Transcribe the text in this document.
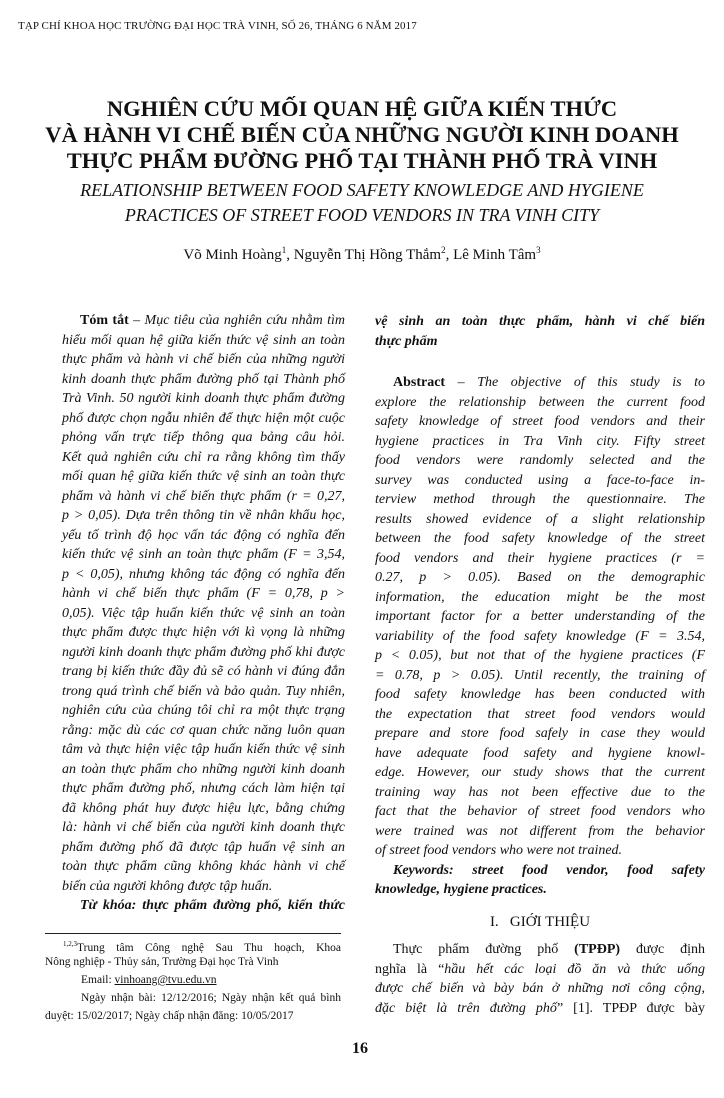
TẠP CHÍ KHOA HỌC TRƯỜNG ĐẠI HỌC TRÀ VINH, SỐ 26, THÁNG 6 NĂM 2017
NGHIÊN CỨU MỐI QUAN HỆ GIỮA KIẾN THỨC
VÀ HÀNH VI CHẾ BIẾN CỦA NHỮNG NGƯỜI KINH DOANH
THỰC PHẨM ĐƯỜNG PHỐ TẠI THÀNH PHỐ TRÀ VINH
RELATIONSHIP BETWEEN FOOD SAFETY KNOWLEDGE AND HYGIENE
PRACTICES OF STREET FOOD VENDORS IN TRA VINH CITY
Võ Minh Hoàng$^1$, Nguyễn Thị Hồng Thắm$^2$, Lê Minh Tâm$^3$
Tóm tắt – Mục tiêu của nghiên cứu nhằm tìm
hiểu mối quan hệ giữa kiến thức vệ sinh an toàn
thực phẩm và hành vi chế biến của những người
kinh doanh thực phẩm đường phố tại Thành phố
Trà Vinh. 50 người kinh doanh thực phẩm đường
phố được chọn ngẫu nhiên để thực hiện một cuộc
phỏng vấn trực tiếp thông qua bảng câu hỏi.
Kết quả nghiên cứu chỉ ra rằng không tìm thấy
mối quan hệ giữa kiến thức vệ sinh an toàn thực
phẩm và hành vi chế biến thực phẩm (r = 0,27,
p > 0,05). Dựa trên thông tin về nhân khẩu học,
yếu tố trình độ học vấn tác động có nghĩa đến
kiến thức vệ sinh an toàn thực phẩm (F = 3,54,
p < 0,05), nhưng không tác động có nghĩa đến
hành vi chế biến thực phẩm (F = 0,78, p >
0,05). Việc tập huấn kiến thức vệ sinh an toàn
thực phẩm được thực hiện với kì vọng là những
người kinh doanh thực phẩm đường phố khi được
trang bị kiến thức đầy đủ sẽ có hành vi đúng đắn
trong quá trình chế biến và bảo quản. Tuy nhiên,
nghiên cứu của chúng tôi chỉ ra một thực trạng
rằng: mặc dù các cơ quan chức năng luôn quan
tâm và thực hiện việc tập huấn kiến thức vệ sinh
an toàn thực phẩm cho những người kinh doanh
thực phẩm đường phố, nhưng cách làm hiện tại
đã không phát huy được hiệu lực, bằng chứng
là: hành vi chế biến của người kinh doanh thực
phẩm đường phố đã được tập huấn vệ sinh an
toàn thực phẩm cũng không khác hành vi chế
biến của người không được tập huấn.
Từ khóa: thực phẩm đường phố, kiến thức
vệ sinh an toàn thực phẩm, hành vi chế biến
thực phẩm
Abstract – The objective of this study is to
explore the relationship between the current food
safety knowledge of street food vendors and their
hygiene practices in Tra Vinh city. Fifty street
food vendors were randomly selected and the
survey was conducted using a face-to-face in-
terview method through the questionnaire. The
results showed evidence of a slight relationship
between the food safety knowledge of the street
food vendors and their hygiene practices (r =
0.27, p > 0.05). Based on the demographic
information, the education might be the most
important factor for a better understanding of the
variability of the food safety knowledge (F = 3.54,
p < 0.05), but not that of the hygiene practices (F
= 0.78, p > 0.05). Until recently, the training of
food safety knowledge has been conducted with
the expectation that street food vendors would
prepare and store food safely in case they would
have adequate food safety and hygiene knowl-
edge. However, our study shows that the current
training way has not been effective due to the
fact that the behavior of street food vendors who
were trained was not different from the behavior
of street food vendors who were not trained.
Keywords: street food vendor, food safety
knowledge, hygiene practices.
I.   GIỚI THIỆU
Thực phẩm đường phố (TPĐP) được định
nghĩa là “hầu hết các loại đồ ăn và thức uống
được chế biến và bày bán ở những nơi công cộng,
đặc biệt là trên đường phố” [1]. TPĐP được bày
$^{1,2,3}$Trung tâm Công nghệ Sau Thu hoạch, Khoa
Nông nghiệp - Thủy sản, Trường Đại học Trà Vinh
Email: vinhoang@tvu.edu.vn
Ngày nhận bài: 12/12/2016; Ngày nhận kết quả bình
duyệt: 15/02/2017; Ngày chấp nhận đăng: 10/05/2017
16
